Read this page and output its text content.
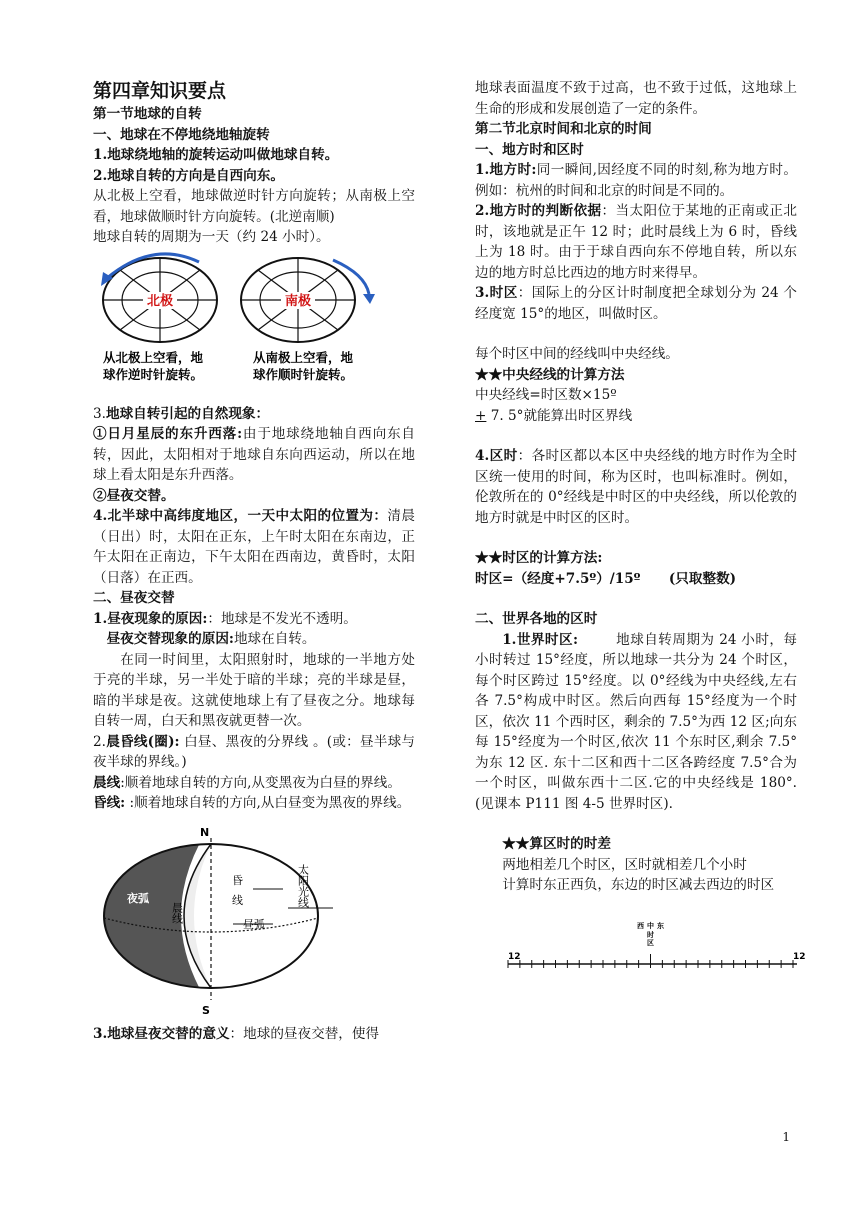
第四章知识要点

第一节地球的自转

一、地球在不停地绕地轴旋转

1.地球绕地轴的旋转运动叫做地球自转。

2.地球自转的方向是自西向东。

从北极上空看，地球做逆时针方向旋转；从南极上空看，地球做顺时针方向旋转。(北逆南顺)

地球自转的周期为一天（约 24 小时）。

北极	南极
从北极上空看，地
球作逆时针旋转。
从南极上空看，地
球作顺时针旋转。

3.地球自转引起的自然现象：

①日月星辰的东升西落:由于地球绕地轴自西向东自转，因此，太阳相对于地球自东向西运动，所以在地球上看太阳是东升西落。

②昼夜交替。

4.北半球中高纬度地区，一天中太阳的位置为：清晨（日出）时，太阳在正东，上午时太阳在东南边，正午太阳在正南边，下午太阳在西南边，黄昏时，太阳（日落）在正西。

二、昼夜交替

1.昼夜现象的原因:：地球是不发光不透明。

昼夜交替现象的原因:地球在自转。

在同一时间里，太阳照射时，地球的一半地方处于亮的半球，另一半处于暗的半球；亮的半球是昼，暗的半球是夜。这就使地球上有了昼夜之分。地球每自转一周，白天和黑夜就更替一次。

2.晨昏线(圈): 白昼、黑夜的分界线 。(或：昼半球与夜半球的界线。)

晨线:顺着地球自转的方向,从变黑夜为白昼的界线。

昏线: :顺着地球自转的方向,从白昼变为黑夜的界线。

N
S
夜弧
晨线
昏
线
昼弧
太阳光线

3.地球昼夜交替的意义：地球的昼夜交替，使得

地球表面温度不致于过高，也不致于过低，这地球上生命的形成和发展创造了一定的条件。

第二节北京时间和北京的时间

一、地方时和区时

1.地方时:同一瞬间,因经度不同的时刻,称为地方时。例如：杭州的时间和北京的时间是不同的。

2.地方时的判断依据：当太阳位于某地的正南或正北时，该地就是正午 12 时；此时晨线上为 6 时，昏线上为 18 时。由于于球自西向东不停地自转，所以东边的地方时总比西边的地方时来得早。

3.时区：国际上的分区计时制度把全球划分为 24 个经度宽 15°的地区，叫做时区。

每个时区中间的经线叫中央经线。

★★中央经线的计算方法

中央经线=时区数×15º

+ 7. 5°就能算出时区界线

4.区时：各时区都以本区中央经线的地方时作为全时区统一使用的时间，称为区时，也叫标准时。例如，伦敦所在的 0°经线是中时区的中央经线，所以伦敦的地方时就是中时区的区时。

★★时区的计算方法:

时区=（经度+7.5º）/15º      (只取整数)

二、世界各地的区时

1.世界时区:        地球自转周期为 24 小时，每小时转过 15°经度，所以地球一共分为 24 个时区，每个时区跨过 15°经度。以 0°经线为中央经线,左右各 7.5°构成中时区。然后向西每 15°经度为一个时区，依次 11 个西时区，剩余的 7.5°为西 12 区;向东每 15°经度为一个时区,依次 11 个东时区,剩余 7.5°为东 12 区. 东十二区和西十二区各跨经度 7.5°合为一个时区，叫做东西十二区.它的中央经线是 180°.(见课本 P111 图 4-5 世界时区).

★★算区时的时差

两地相差几个时区，区时就相差几个小时

计算时东正西负，东边的时区减去西边的时区

西 中 东
时
区
12	12
1
